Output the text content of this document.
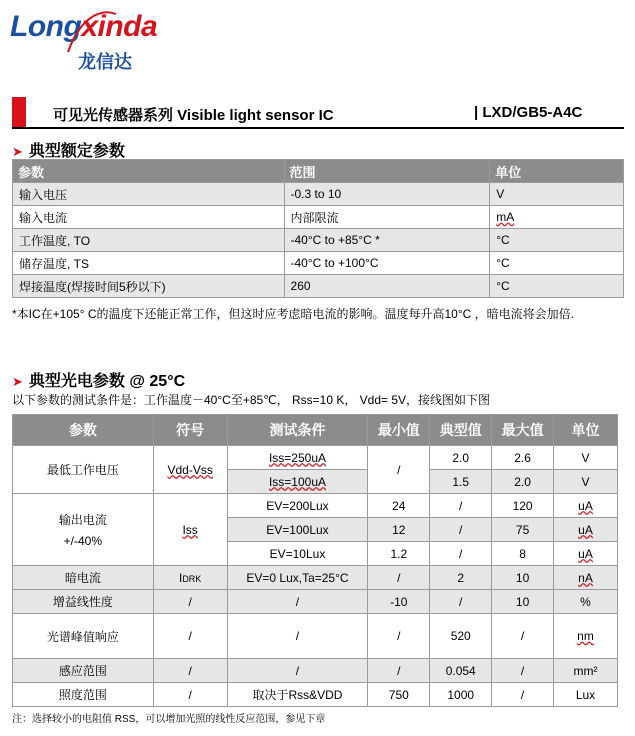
Longxinda
龙信达
可见光传感器系列 Visible light sensor IC	| LXD/GB5-A4C
➤ 典型额定参数
参数	范围	单位
输入电压	-0.3 to 10	V
输入电流	内部限流	mA
工作温度, TO	-40°C to +85°C *	°C
储存温度, TS	-40°C to +100°C	°C
焊接温度(焊接时间5秒以下)	260	°C
*本IC在+105° C的温度下还能正常工作，但这时应考虑暗电流的影响。温度每升高10°C ，暗电流将会加倍.
➤ 典型光电参数 @ 25°C
以下参数的测试条件是：工作温度－40°C至+85℃， Rss=10 K， Vdd= 5V，接线图如下图
参数	符号	测试条件	最小值	典型值	最大值	单位
最低工作电压	Vdd-Vss	Iss=250uA	/	2.0	2.6	V
		Iss=100uA		1.5	2.0	V

输出电流
+/-40%	Iss	EV=200Lux	24	/	120	uA
		EV=100Lux	12	/	75	uA
		EV=10Lux	1.2	/	8	uA
暗电流	IDRK	EV=0 Lux,Ta=25°C	/	2	10	nA
增益线性度	/	/	-10	/	10	%
光谱峰值响应	/	/	/	520	/	nm
感应范围	/	/	/	0.054	/	mm²
照度范围	/	取决于Rss&VDD	750	1000	/	Lux
注：选择较小的电阻值 RSS，可以增加光照的线性反应范围，参见下章
